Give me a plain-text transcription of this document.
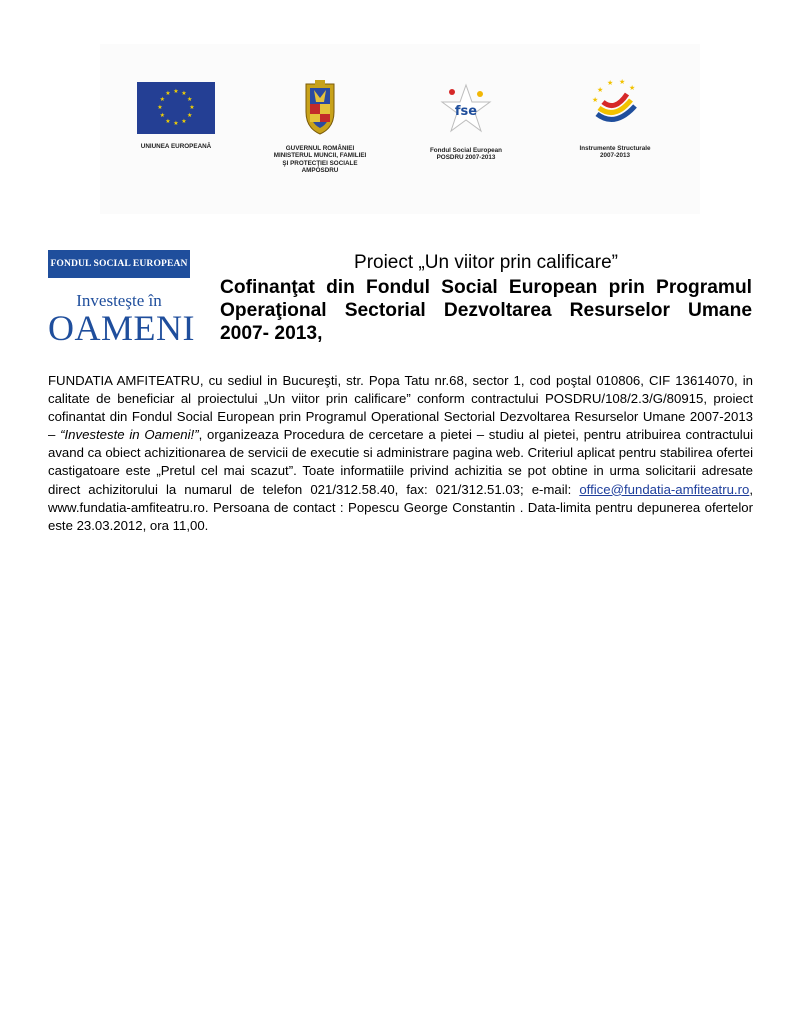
★ ★
★
★
★
★
★
★
★
★
★
★
UNIUNEA EUROPEANĂ	GUVERNUL ROMÂNIEI
MINISTERUL MUNCII, FAMILIEI
ŞI PROTECŢIEI SOCIALE
AMPOSDRU
fse
Fondul Social European
POSDRU 2007-2013
★
★ ★
★
★
Instrumente Structurale
2007-2013
FONDUL SOCIAL EUROPEAN
Investeşte în
OAMENI
Proiect „Un viitor prin calificare”
Cofinanţat din Fondul Social European prin Programul Operaţional Sectorial Dezvoltarea Resurselor Umane 2007- 2013,
FUNDATIA AMFITEATRU, cu sediul in Bucureşti, str. Popa Tatu nr.68, sector 1, cod poştal 010806, CIF 13614070, in calitate de beneficiar al proiectului „Un viitor prin calificare” conform contractului POSDRU/108/2.3/G/80915, proiect cofinantat din Fondul Social European prin Programul Operational Sectorial Dezvoltarea Resurselor Umane 2007-2013 – “Investeste in Oameni!”, organizeaza Procedura de cercetare a pietei – studiu al pietei, pentru atribuirea contractului avand ca obiect achizitionarea de servicii de executie si administrare pagina web. Criteriul aplicat pentru stabilirea ofertei castigatoare este „Pretul cel mai scazut”. Toate informatiile privind achizitia se pot obtine in urma solicitarii adresate direct achizitorului la numarul de telefon 021/312.58.40, fax: 021/312.51.03; e-mail: office@fundatia-amfiteatru.ro, www.fundatia-amfiteatru.ro. Persoana de contact : Popescu George Constantin . Data-limita pentru depunerea ofertelor este 23.03.2012, ora 11,00.
